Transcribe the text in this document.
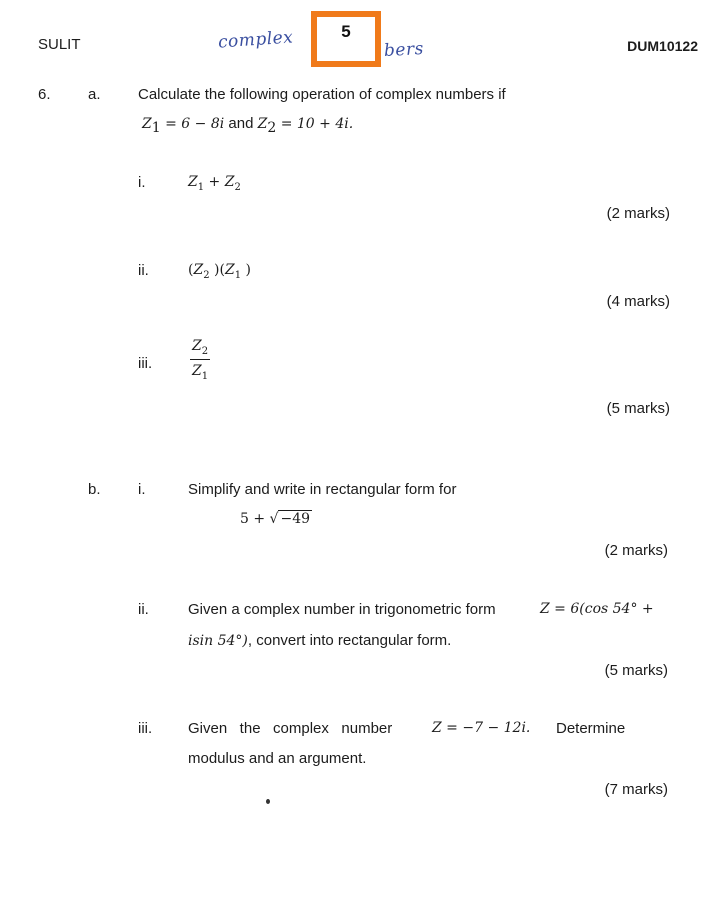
SULIT	complex	bers
5
DUM10122
6. a. Calculate the following operation of complex numbers if
$Z_1 = 6 - 8i$ and $Z_2 = 10 + 4i$.
i.	$Z_1 + Z_2$
(2 marks)
ii.	($Z_2$ )($Z_1$ )
(4 marks)
iii.	$\frac{Z_2}{Z_1}$
(5 marks)
b. i.	Simplify and write in rectangular form for
5 + √ −49
(2 marks)
ii.	Given a complex number in trigonometric form	Z = 6(cos 54° +
isin 54°), convert into rectangular form.
(5 marks)
iii. Given   the   complex   number	Z = −7 − 12i. Determine
modulus and an argument.
(7 marks)
